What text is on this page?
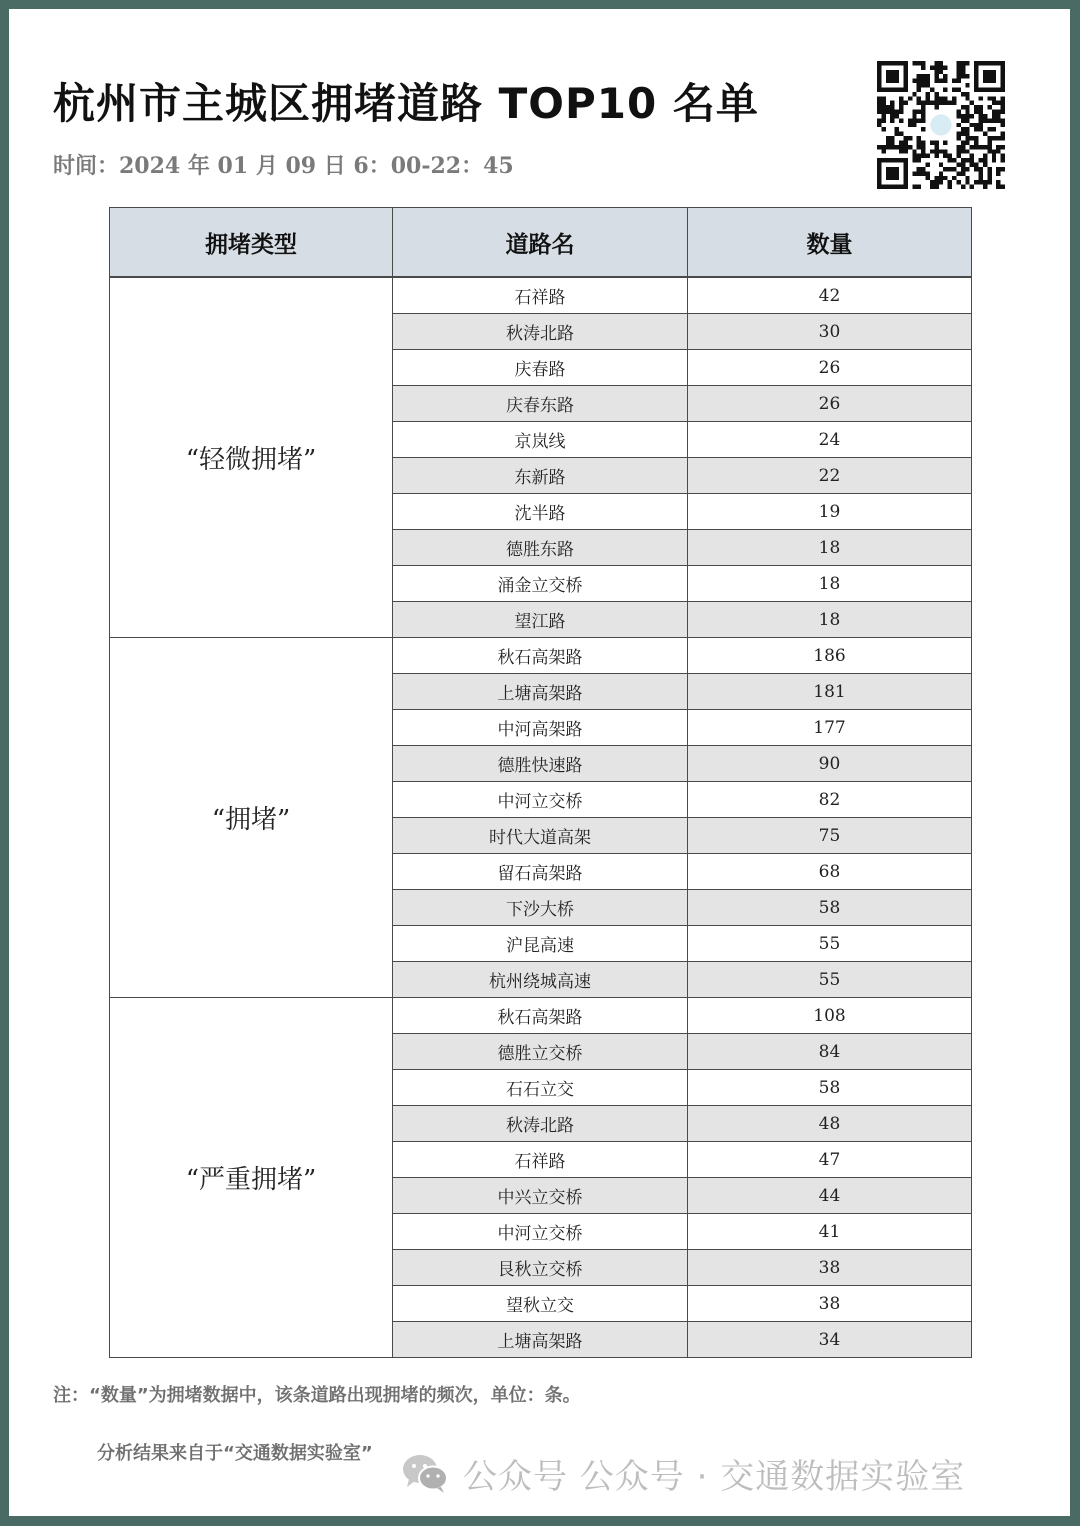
杭州市主城区拥堵道路 TOP10 名单
时间：2024 年 01 月 09 日 6：00-22：45
拥堵类型	道路名	数量
“轻微拥堵”	石祥路	42
	秋涛北路	30
	庆春路	26
	庆春东路	26
	京岚线	24
	东新路	22
	沈半路	19
	德胜东路	18
	涌金立交桥	18
	望江路	18
“拥堵”	秋石高架路	186
	上塘高架路	181
	中河高架路	177
	德胜快速路	90
	中河立交桥	82
	时代大道高架	75
	留石高架路	68
	下沙大桥	58
	沪昆高速	55
	杭州绕城高速	55
“严重拥堵”	秋石高架路	108
	德胜立交桥	84
	石石立交	58
	秋涛北路	48
	石祥路	47
	中兴立交桥	44
	中河立交桥	41
	艮秋立交桥	38
	望秋立交	38
	上塘高架路	34
注：“数量”为拥堵数据中，该条道路出现拥堵的频次，单位：条。
分析结果来自于“交通数据实验室”
公众号 公众号 · 交通数据实验室
